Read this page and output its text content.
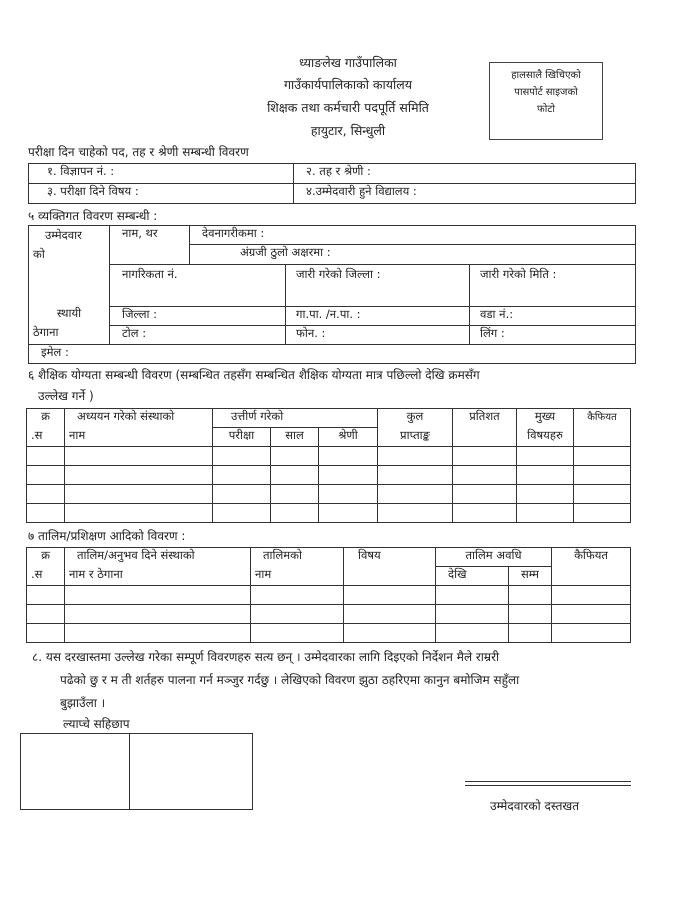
ध्याङलेख गाउँपालिका
गाउँकार्यपालिकाको कार्यालय
शिक्षक तथा कर्मचारी पदपूर्ति समिति
हायुटार, सिन्धुली
हालसालै खिचिएको
पासपोर्ट साइजको
फोटो
परीक्षा दिन चाहेको पद, तह र श्रेणी सम्बन्धी विवरण
१. विज्ञापन नं. :	२. तह र श्रेणी :
३. परीक्षा दिने विषय :	४.उम्मेदवारी हुने विद्यालय :
५ व्यक्तिगत विवरण सम्बन्धी :
उम्मेदवार
को	नाम, थर	देवनागरीकमा :		
		अंग्रजी ठुलो अक्षरमा :		
	नागरिकता नं.		जारी गरेको जिल्ला :	जारी गरेको मिति :
स्थायी	जिल्ला :		गा.पा. /न.पा. :	वडा नं.:
ठेगाना	टोल :		फोन. :	लिंग :
इमेल :				
६ शैक्षिक योग्यता सम्बन्धी विवरण (सम्बन्धित तहसँग सम्बन्धित शैक्षिक योग्यता मात्र पछिल्लो देखि क्रमसँग
उल्लेख गर्ने )
क्र	अध्ययन गरेको संस्थाको	उत्तीर्ण गरेको			कुल	प्रतिशत	मुख्य	कैफियत
.स	नाम	परीक्षा	साल	श्रेणी	प्राप्ताङ्क		विषयहरु	

७ तालिम/प्रशिक्षण आदिको विवरण :
क्र	तालिम/अनुभव दिने संस्थाको	तालिमको	विषय	तालिम अवधि		कैफियत
.स	नाम र ठेगाना	नाम		देखि	सम्म	

८. यस दरखास्तमा उल्लेख गरेका सम्पूर्ण विवरणहरु सत्य छन् । उम्मेदवारका लागि दिइएको निर्देशन मैले राम्ररी
पढेको छु र म ती शर्तहरु पालना गर्न मञ्जुर गर्दछु । लेखिएको विवरण झुठा ठहरिएमा कानुन बमोजिम सहुँला
बुझाउँला ।
ल्याप्चे सहिछाप
उम्मेदवारको दस्तखत
